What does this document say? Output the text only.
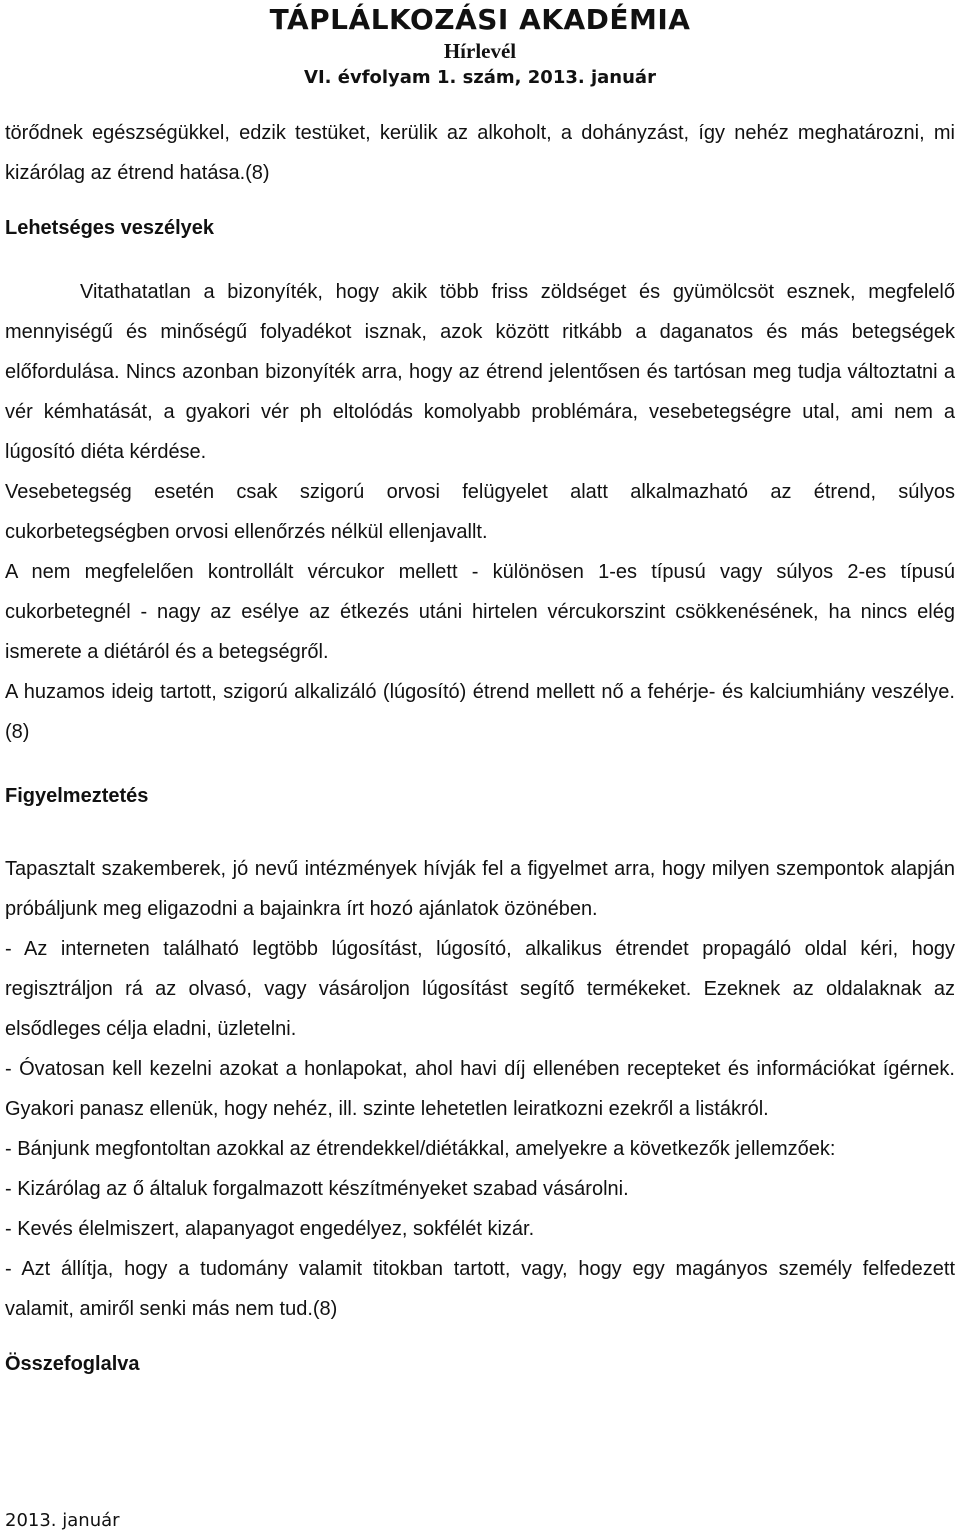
TÁPLÁLKOZÁSI AKADÉMIA
Hírlevél
VI. évfolyam 1. szám, 2013. január

törődnek egészségükkel, edzik testüket, kerülik az alkoholt, a dohányzást, így nehéz meghatározni, mi kizárólag az étrend hatása.(8)

Lehetséges veszélyek

Vitathatatlan a bizonyíték, hogy akik több friss zöldséget és gyümölcsöt esznek, megfelelő mennyiségű és minőségű folyadékot isznak, azok között ritkább a daganatos és más betegségek előfordulása. Nincs azonban bizonyíték arra, hogy az étrend jelentősen és tartósan meg tudja változtatni a vér kémhatását, a gyakori vér ph eltolódás komolyabb problémára, vesebetegségre utal, ami nem a lúgosító diéta kérdése.

Vesebetegség esetén csak szigorú orvosi felügyelet alatt alkalmazható az étrend, súlyos cukorbetegségben orvosi ellenőrzés nélkül ellenjavallt.

A nem megfelelően kontrollált vércukor mellett - különösen 1-es típusú vagy súlyos 2-es típusú cukorbetegnél - nagy az esélye az étkezés utáni hirtelen vércukorszint csökkenésének, ha nincs elég ismerete a diétáról és a betegségről.

A huzamos ideig tartott, szigorú alkalizáló (lúgosító) étrend mellett nő a fehérje- és kalciumhiány veszélye. (8)

Figyelmeztetés

Tapasztalt szakemberek, jó nevű intézmények hívják fel a figyelmet arra, hogy milyen szempontok alapján próbáljunk meg eligazodni a bajainkra írt hozó ajánlatok özönében.

- Az interneten található legtöbb lúgosítást, lúgosító, alkalikus étrendet propagáló oldal kéri, hogy regisztráljon rá az olvasó, vagy vásároljon lúgosítást segítő termékeket. Ezeknek az oldalaknak az elsődleges célja eladni, üzletelni.

- Óvatosan kell kezelni azokat a honlapokat, ahol havi díj ellenében recepteket és információkat ígérnek. Gyakori panasz ellenük, hogy nehéz, ill. szinte lehetetlen leiratkozni ezekről a listákról.

- Bánjunk megfontoltan azokkal az étrendekkel/diétákkal, amelyekre a következők jellemzőek:

- Kizárólag az ő általuk forgalmazott készítményeket szabad vásárolni.

- Kevés élelmiszert, alapanyagot engedélyez, sokfélét kizár.

- Azt állítja, hogy a tudomány valamit titokban tartott, vagy, hogy egy magányos személy felfedezett valamit, amiről senki más nem tud.(8)

Összefoglalva

2013. január
